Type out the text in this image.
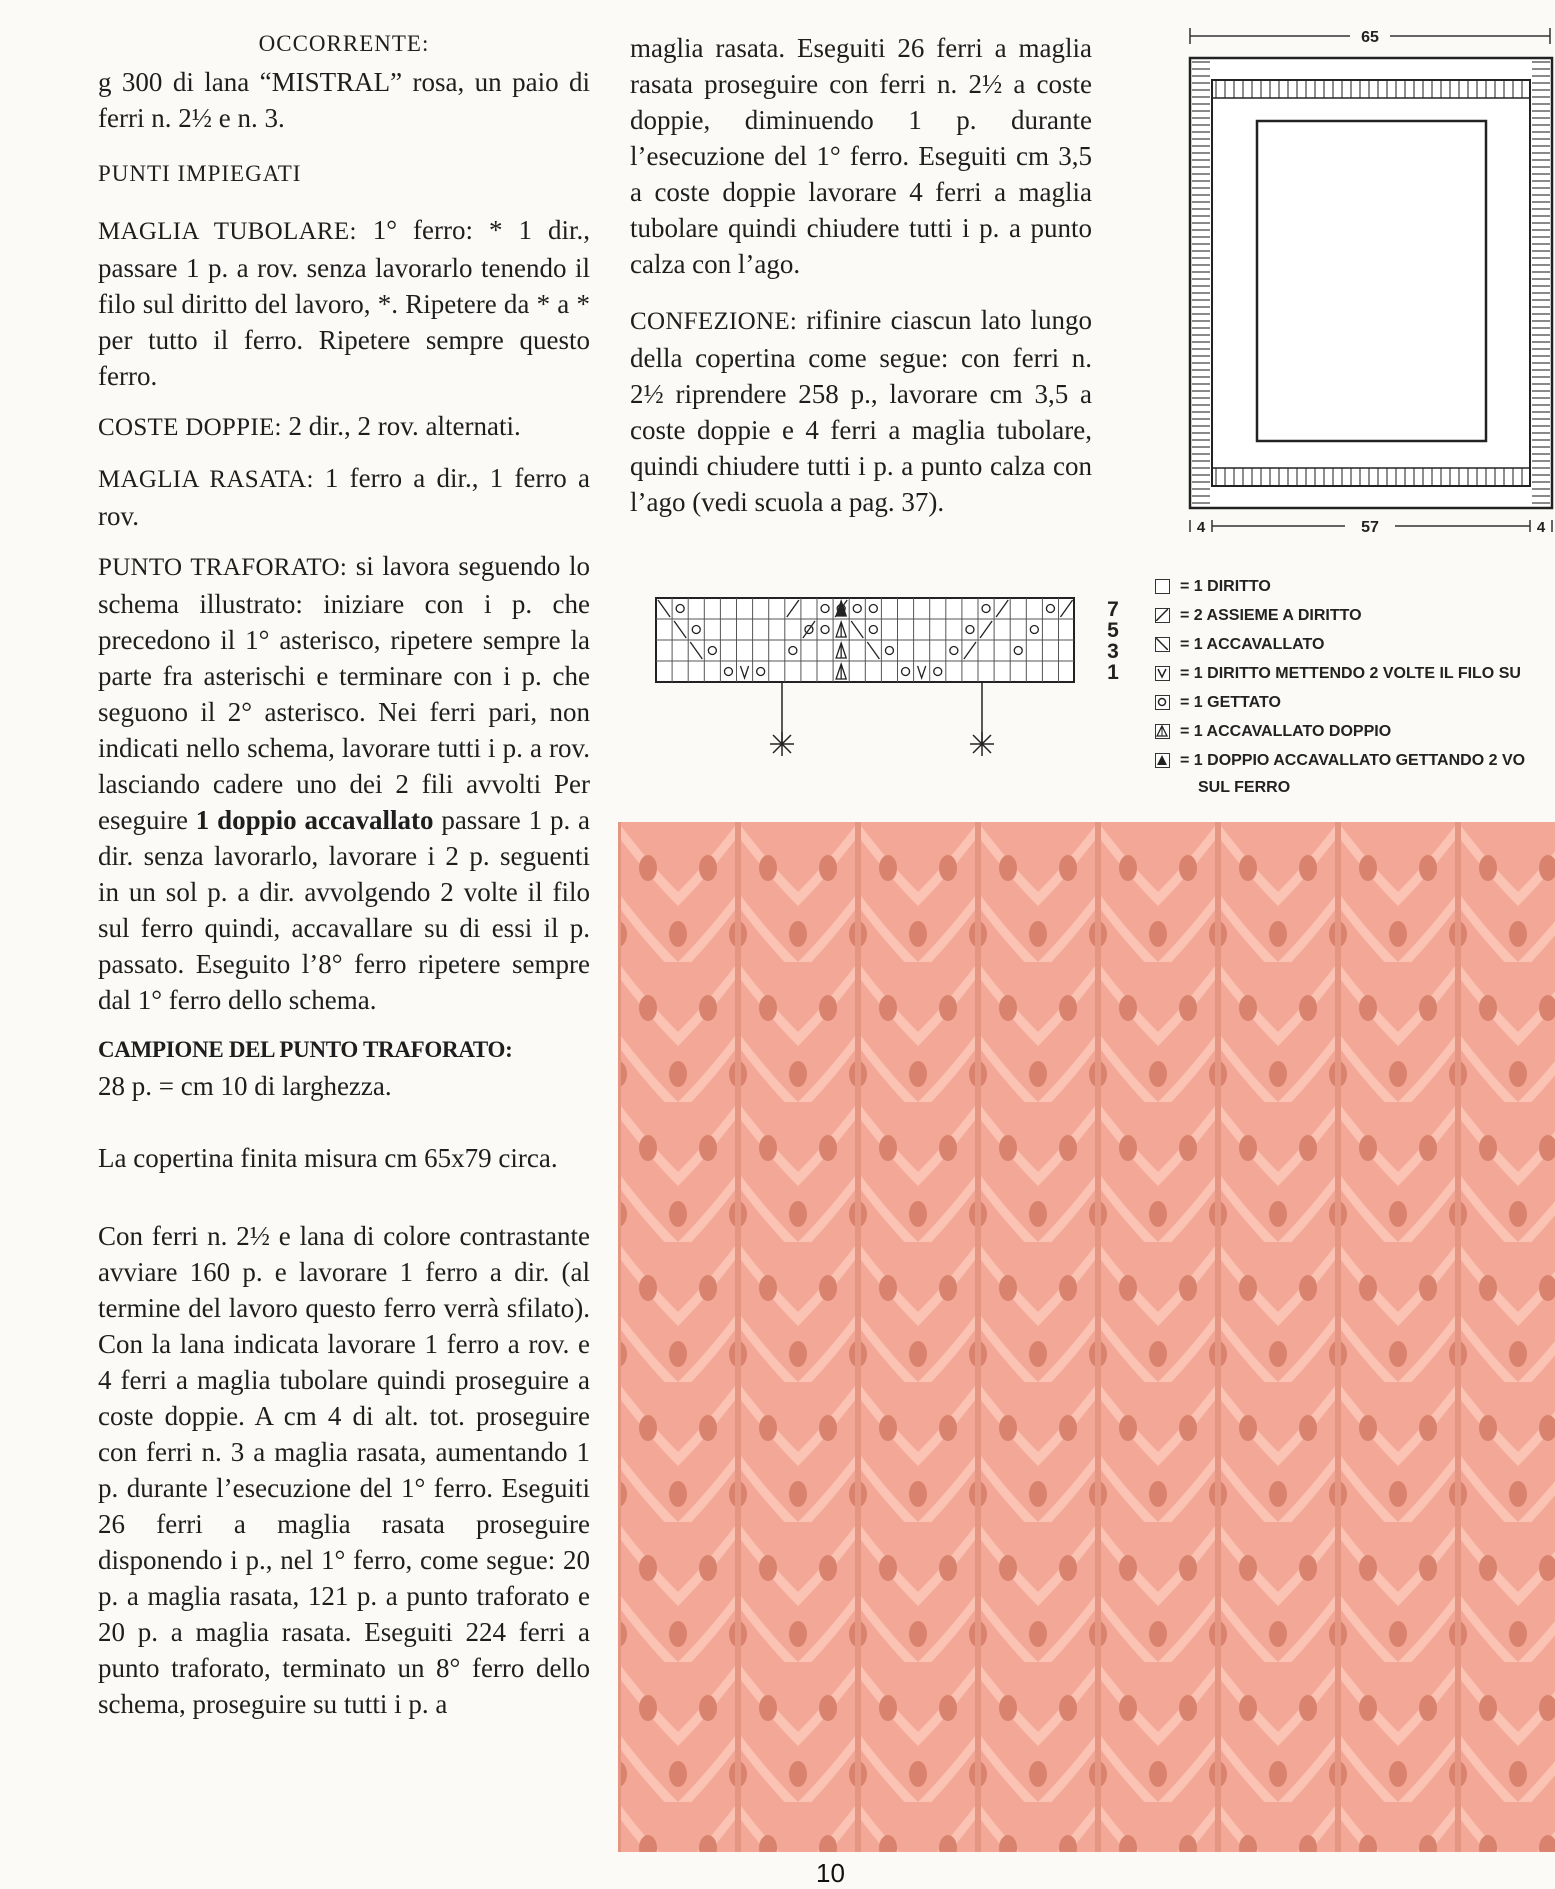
OCCORRENTE:

g 300 di lana “MISTRAL” rosa, un paio di ferri n. 2½ e n. 3.

PUNTI IMPIEGATI

MAGLIA TUBOLARE: 1° ferro: * 1 dir., passare 1 p. a rov. senza lavorarlo tenendo il filo sul diritto del lavoro, *. Ripetere da * a * per tutto il ferro. Ripetere sempre questo ferro.

COSTE DOPPIE: 2 dir., 2 rov. alternati.

MAGLIA RASATA: 1 ferro a dir., 1 ferro a rov.

PUNTO TRAFORATO: si lavora seguendo lo schema illustrato: iniziare con i p. che precedono il 1° asterisco, ripetere sempre la parte fra asterischi e terminare con i p. che seguono il 2° asterisco. Nei ferri pari, non indicati nello schema, lavorare tutti i p. a rov. lasciando cadere uno dei 2 fili avvolti Per eseguire 1 doppio accavallato passare 1 p. a dir. senza lavorarlo, lavorare i 2 p. seguenti in un sol p. a dir. avvolgendo 2 volte il filo sul ferro quindi, accavallare su di essi il p. passato. Eseguito l’8° ferro ripetere sempre dal 1° ferro dello schema.

CAMPIONE DEL PUNTO TRAFORATO:

28 p. = cm 10 di larghezza.

La copertina finita misura cm 65x79 circa.

Con ferri n. 2½ e lana di colore contrastante avviare 160 p. e lavorare 1 ferro a dir. (al termine del lavoro questo ferro verrà sfilato). Con la lana indicata lavorare 1 ferro a rov. e 4 ferri a maglia tubolare quindi proseguire a coste doppie. A cm 4 di alt. tot. proseguire con ferri n. 3 a maglia rasata, aumentando 1 p. durante l’esecuzione del 1° ferro. Eseguiti 26 ferri a maglia rasata proseguire disponendo i p., nel 1° ferro, come segue: 20 p. a maglia rasata, 121 p. a punto traforato e 20 p. a maglia rasata. Eseguiti 224 ferri a punto traforato, terminato un 8° ferro dello schema, proseguire su tutti i p. a

maglia rasata. Eseguiti 26 ferri a maglia rasata proseguire con ferri n. 2½ a coste doppie, diminuendo 1 p. durante l’esecuzione del 1° ferro. Eseguiti cm 3,5 a coste doppie lavorare 4 ferri a maglia tubolare quindi chiudere tutti i p. a punto calza con l’ago.

CONFEZIONE: rifinire ciascun lato lungo della copertina come segue: con ferri n. 2½ riprendere 258 p., lavorare cm 3,5 a coste doppie e 4 ferri a maglia tubolare, quindi chiudere tutti i p. a punto calza con l’ago (vedi scuola a pag. 37).

65
4	57	4
7
5
3
1
= 1 DIRITTO
= 2 ASSIEME A DIRITTO
= 1 ACCAVALLATO
= 1 DIRITTO METTENDO 2 VOLTE IL FILO SU
= 1 GETTATO
= 1 ACCAVALLATO DOPPIO
= 1 DOPPIO ACCAVALLATO GETTANDO 2 VO
SUL FERRO
10
